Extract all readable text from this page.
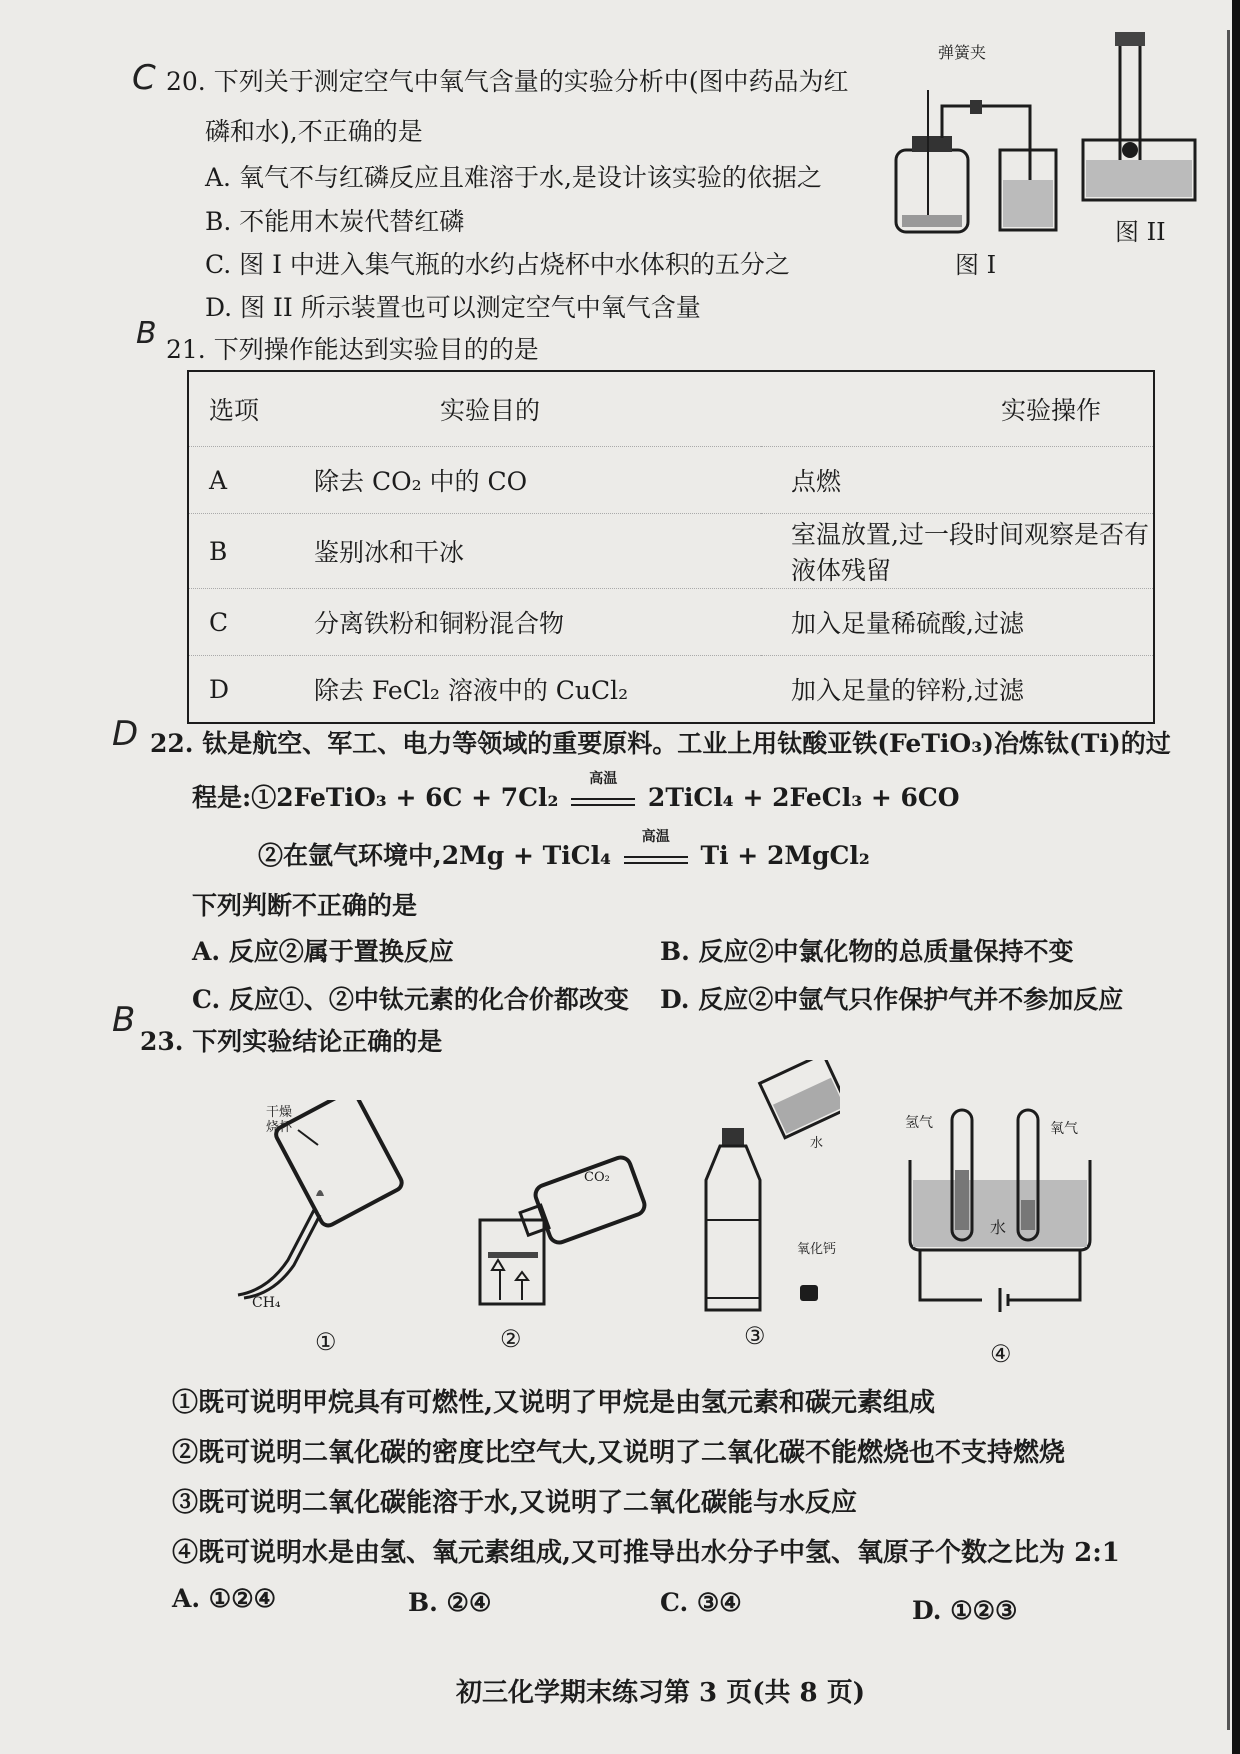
C
B
D
B
20. 下列关于测定空气中氧气含量的实验分析中(图中药品为红
磷和水),不正确的是
A. 氧气不与红磷反应且难溶于水,是设计该实验的依据之
B. 不能用木炭代替红磷
C. 图 I 中进入集气瓶的水约占烧杯中水体积的五分之
D. 图 II 所示装置也可以测定空气中氧气含量
弹簧夹
图 I
图 II
21. 下列操作能达到实验目的的是
选项	实验目的	实验操作
A	除去 CO₂ 中的 CO	点燃
B	鉴别冰和干冰	室温放置,过一段时间观察是否有液体残留
C	分离铁粉和铜粉混合物	加入足量稀硫酸,过滤
D	除去 FeCl₂ 溶液中的 CuCl₂	加入足量的锌粉,过滤
22. 钛是航空、军工、电力等领域的重要原料。工业上用钛酸亚铁(FeTiO₃)冶炼钛(Ti)的过
程是:①2FeTiO₃ + 6C + 7Cl₂
高温
2TiCl₄ + 2FeCl₃ + 6CO
②在氩气环境中,2Mg + TiCl₄
高温
Ti + 2MgCl₂
下列判断不正确的是
A. 反应②属于置换反应	B. 反应②中氯化物的总质量保持不变
C. 反应①、②中钛元素的化合价都改变 D. 反应②中氩气只作保护气并不参加反应
23. 下列实验结论正确的是
干燥烧杯
CH₄
①
CO₂
②
水
氧化钙
③
氢气	氧气
水
④
①既可说明甲烷具有可燃性,又说明了甲烷是由氢元素和碳元素组成
②既可说明二氧化碳的密度比空气大,又说明了二氧化碳不能燃烧也不支持燃烧
③既可说明二氧化碳能溶于水,又说明了二氧化碳能与水反应
④既可说明水是由氢、氧元素组成,又可推导出水分子中氢、氧原子个数之比为 2:1
A. ①②④	B. ②④	C. ③④	D. ①②③
初三化学期末练习第 3 页(共 8 页)
